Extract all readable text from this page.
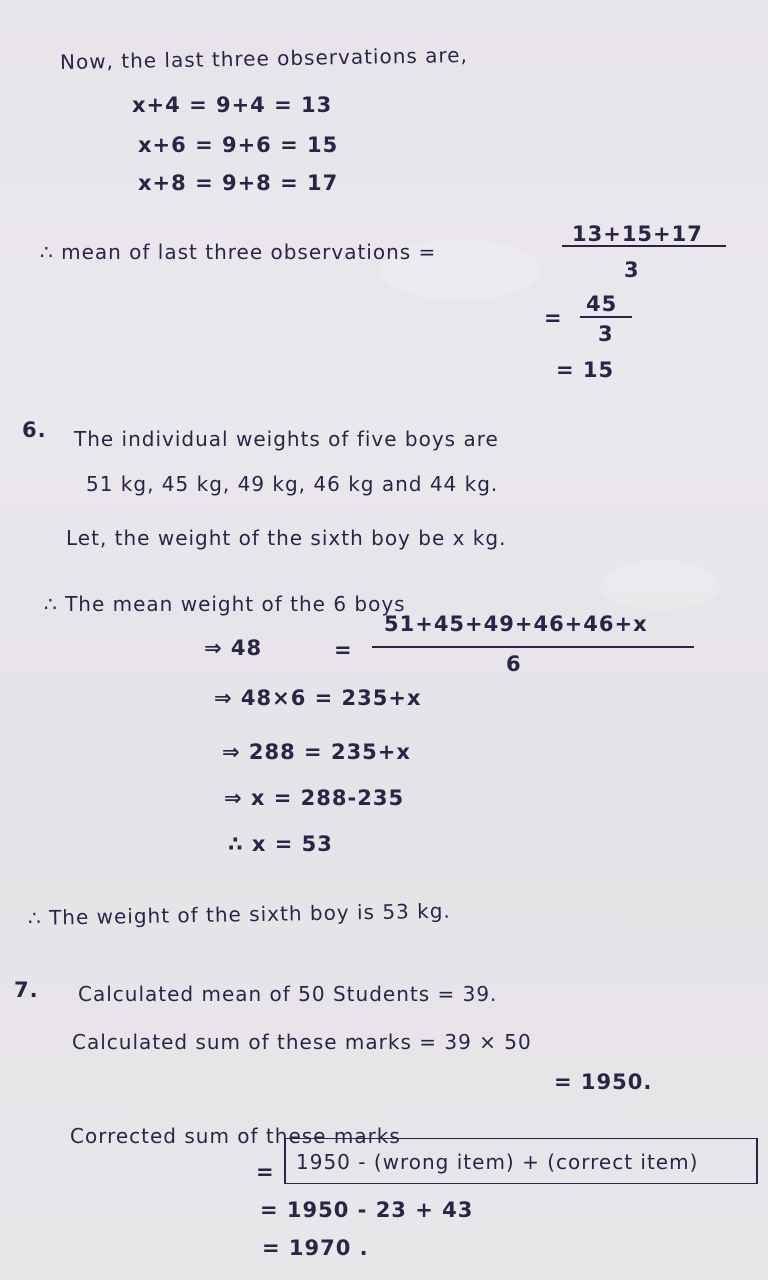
Now, the last three observations are,
x+4 = 9+4 = 13
x+6 = 9+6 = 15
x+8 = 9+8 = 17
∴ mean of last three observations =
13+15+17
3
=
45
3
= 15
6. The individual weights of five boys are
51 kg, 45 kg, 49 kg, 46 kg and 44 kg.
Let, the weight of the sixth boy be x kg.
∴ The mean weight of the 6 boys
⇒ 48	=
51+45+49+46+46+x
6
⇒ 48×6 = 235+x
⇒ 288 = 235+x
⇒ x = 288-235
∴ x = 53
∴ The weight of the sixth boy is 53 kg.
7. Calculated mean of 50 Students = 39.
Calculated sum of these marks = 39 × 50
= 1950.
Corrected sum of these marks
= 1950 - (wrong item) + (correct item)
= 1950 - 23 + 43
= 1970 .
